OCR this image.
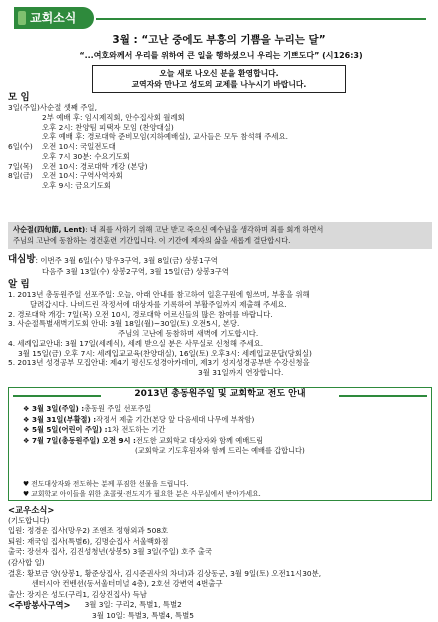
교회소식
3월 : “고난 중에도 부흥의 기쁨을 누리는 달”
“...여호와께서 우리를 위하여 큰 일을 행하셨으니 우리는 기쁘도다” (시126:3)
오늘 새로 나오신 분을 환영합니다.
교역자와 만나고 성도의 교제를 나누시기 바랍니다.
모 임
3일(주일) 사순절 셋째 주일,
2부 예배 후: 임시제직회, 안수집사회 월례회
오후 2시: 찬양팀 피택자 모임 (찬양대실)
오후 예배 후: 경로대학 준비모임(지하예배실), 교사들은 모두 참석해 주세요.
6일(수)	오전 10시: 국일전도대
오후 7시 30분: 수요기도회
7일(목)	오전 10시: 경로대학 개강 (본당)
8일(금)	오전 10시: 구역사역자회
오후 9시: 금요기도회
사순절(四旬節, Lent): 내 죄를 사하기 위해 고난 받고 죽으신 예수님을 생각하며 죄를 회개 하면서
주님의 고난에 동참하는 경건훈련 기간입니다. 이 기간에 제자의 삶을 새롭게 결단합시다.
대심방 : 이번주 3월 6일(수) 망우3구역, 3월 8일(금) 상봉1구역
다음주 3월 13일(수) 상봉2구역, 3월 15일(금) 상봉3구역
알 림
1. 2013년 총동원주일 선포주일: 오늘, 아래 안내를 참고하여 일흔구원에 힘쓰며, 부흥을 위해
달려갑시다. 나비드린 작정서에 대상자를 기록하여 부활주일까지 제출해 주세요.
2. 경로대학 개강: 7일(목) 오전 10시, 경로대학 어르신들의 많은 참여를 바랍니다.
3. 사순절특별새벽기도회 안내: 3월 18일(월)~30일(토) 오전5시, 본당.
주님의 고난에 동참하며 새벽에 기도합시다.
4. 세례입교안내: 3월 17일(세례식), 세례 받으실 분은 사무실로 신청해 주세요.
3월 15일(금) 오후 7시: 세례입교교육(찬양대실), 16일(토) 오후3시: 세례입교문답(당회실)
5. 2013년 성경공부 모집안내: 제4기 평신도성경아카데미, 제3기 성지성경공부반 수강신청을
3월 31일까지 연장합니다.
2013년 총동원주일 및 교회학교 전도 안내
❖ 3월 3일(주일) : 총동원 주일 선포주일
❖ 3월 31일(부활절) : 작정서 제출 기간(본당 앞 다음세대 나무에 부착함)
❖ 5월 5일(어린이 주일) : 1차 전도하는 기간
❖ 7월 7일(총동원주일) 오전 9시 : 전도한 교회학교 대상자와 함께 예배드림
(교회학교 기도후원자와 함께 드리는 예배를 갑합니다)
♥ 전도대상자와 전도하는 분께 푸짐한 선물을 드립니다.
♥ 교회학교 아이들을 위한 초콜릿·전도지가 필요한 분은 사무실에서 받아가세요.
<교우소식>
(기도합니다)
입원: 정경운 집사(망우2) 조엔조 정형외과 508호
퇴원: 재국임 집사(특별6), 김명순집사 서울백화점
출국: 장선자 집사, 김진성청년(상봉5) 3월 3일(주일) 호주 출국
(감사합 일)
결혼: 황보금 양(상봉1, 황준상집사, 김시준권사의 차녀)과 김상동군, 3월 9일(토) 오전11시30분,
센터시아 컨벤션(동서울터미널 4층), 2호선 강변역 4번출구
출산: 장지은 성도(구리1, 김상진집사) 득남
<주방봉사구역>	3월 3일: 구리2, 특별1, 특별2
3월 10일: 특별3, 특별4, 특별5
